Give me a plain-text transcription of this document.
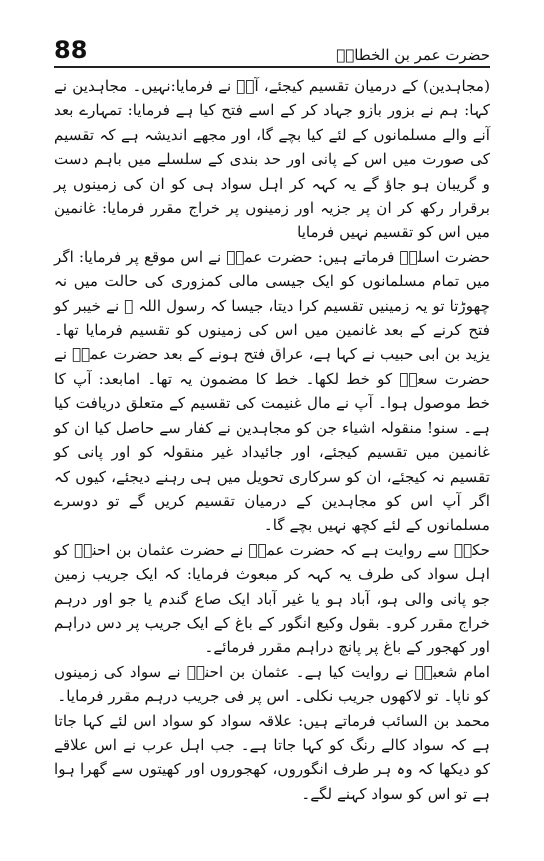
88	حضرت عمر بن الخطابؓ

(مجاہدین) کے درمیان تقسیم کیجئے، آپؐ نے فرمایا:نہیں۔ مجاہدین نے کہا: ہم نے بزور بازو جہاد کر کے اسے فتح کیا ہے فرمایا: تمہارے بعد آنے والے مسلمانوں کے لئے کیا بچے گا، اور مجھے اندیشہ ہے کہ تقسیم کی صورت میں اس کے پانی اور حد بندی کے سلسلے میں باہم دست و گریبان ہو جاؤ گے یہ کہہ کر اہل سواد ہی کو ان کی زمینوں پر برقرار رکھ کر ان پر جزیہ اور زمینوں پر خراج مقرر فرمایا: غانمین میں اس کو تقسیم نہیں فرمایا

حضرت اسلمؓ فرماتے ہیں: حضرت عمرؓ نے اس موقع پر فرمایا: اگر میں تمام مسلمانوں کو ایک جیسی مالی کمزوری کی حالت میں نہ چھوڑتا تو یہ زمینیں تقسیم کرا دیتا، جیسا کہ رسول اللہ ﷺ نے خیبر کو فتح کرنے کے بعد غانمین میں اس کی زمینوں کو تقسیم فرمایا تھا۔ یزید بن ابی حبیب نے کہا ہے، عراق فتح ہونے کے بعد حضرت عمرؓ نے حضرت سعدؓ کو خط لکھا۔ خط کا مضمون یہ تھا۔ امابعد: آپ کا خط موصول ہوا۔ آپ نے مال غنیمت کی تقسیم کے متعلق دریافت کیا ہے۔ سنو! منقولہ اشیاء جن کو مجاہدین نے کفار سے حاصل کیا ان کو غانمین میں تقسیم کیجئے، اور جائیداد غیر منقولہ کو اور پانی کو تقسیم نہ کیجئے، ان کو سرکاری تحویل میں ہی رہنے دیجئے، کیوں کہ اگر آپ اس کو مجاہدین کے درمیان تقسیم کریں گے تو دوسرے مسلمانوں کے لئے کچھ نہیں بچے گا۔

حکمؒ سے روایت ہے کہ حضرت عمرؓ نے حضرت عثمان بن احنفؓ کو اہل سواد کی طرف یہ کہہ کر مبعوث فرمایا: کہ ایک جریب زمین جو پانی والی ہو، آباد ہو یا غیر آباد ایک صاع گندم یا جو اور درہم خراج مقرر کرو۔ بقول وکیع انگور کے باغ کے ایک جریب پر دس دراہم اور کھجور کے باغ پر پانچ دراہم مقرر فرمائے۔

امام شعبیؒ نے روایت کیا ہے۔ عثمان بن احنفؓ نے سواد کی زمینوں کو ناپا۔ تو لاکھوں جریب نکلی۔ اس پر فی جریب درہم مقرر فرمایا۔

محمد بن السائب فرماتے ہیں: علاقہ سواد کو سواد اس لئے کہا جاتا ہے کہ سواد کالے رنگ کو کہا جاتا ہے۔ جب اہل عرب نے اس علاقے کو دیکھا کہ وہ ہر طرف انگوروں، کھجوروں اور کھیتوں سے گھرا ہوا ہے تو اس کو سواد کہنے لگے۔
